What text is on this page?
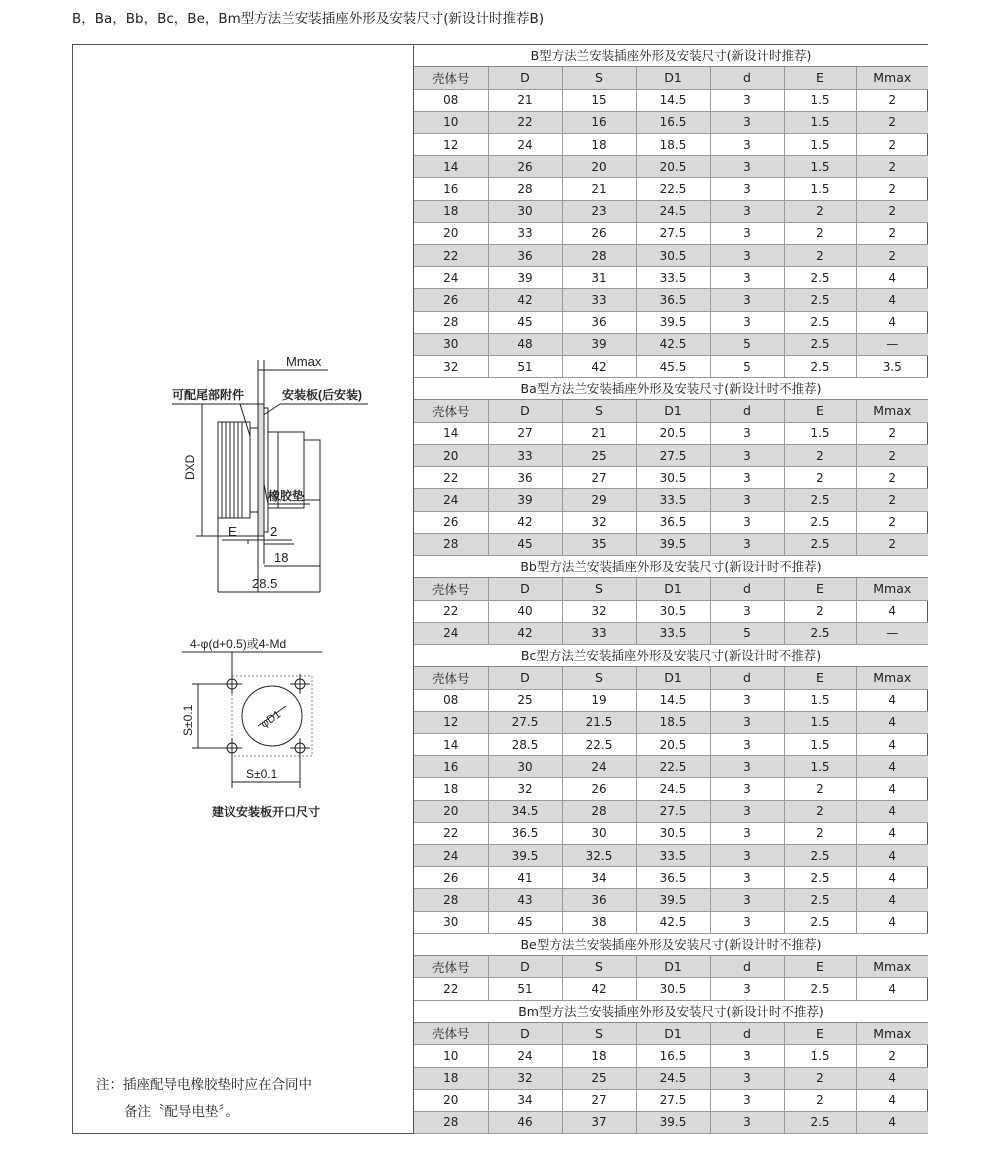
B，Ba，Bb，Bc，Be，Bm型方法兰安装插座外形及安装尺寸(新设计时推荐B)
Mmax
可配尾部附件	安装板(后安装)
DXD
橡胶垫
E	2
18
28.5
4-φ(d+0.5)或4-Md
S±0.1	φD1
S±0.1
建议安装板开口尺寸
注：插座配导电橡胶垫时应在合同中
备注〝配导电垫〞。
B型方法兰安装插座外形及安装尺寸(新设计时推荐)
壳体号	D	S	D1	d	E	Mmax
08	21	15	14.5	3	1.5	2
10	22	16	16.5	3	1.5	2
12	24	18	18.5	3	1.5	2
14	26	20	20.5	3	1.5	2
16	28	21	22.5	3	1.5	2
18	30	23	24.5	3	2	2
20	33	26	27.5	3	2	2
22	36	28	30.5	3	2	2
24	39	31	33.5	3	2.5	4
26	42	33	36.5	3	2.5	4
28	45	36	39.5	3	2.5	4
30	48	39	42.5	5	2.5	—
32	51	42	45.5	5	2.5	3.5
Ba型方法兰安装插座外形及安装尺寸(新设计时不推荐)
壳体号	D	S	D1	d	E	Mmax
14	27	21	20.5	3	1.5	2
20	33	25	27.5	3	2	2
22	36	27	30.5	3	2	2
24	39	29	33.5	3	2.5	2
26	42	32	36.5	3	2.5	2
28	45	35	39.5	3	2.5	2
Bb型方法兰安装插座外形及安装尺寸(新设计时不推荐)
壳体号	D	S	D1	d	E	Mmax
22	40	32	30.5	3	2	4
24	42	33	33.5	5	2.5	—
Bc型方法兰安装插座外形及安装尺寸(新设计时不推荐)
壳体号	D	S	D1	d	E	Mmax
08	25	19	14.5	3	1.5	4
12	27.5	21.5	18.5	3	1.5	4
14	28.5	22.5	20.5	3	1.5	4
16	30	24	22.5	3	1.5	4
18	32	26	24.5	3	2	4
20	34.5	28	27.5	3	2	4
22	36.5	30	30.5	3	2	4
24	39.5	32.5	33.5	3	2.5	4
26	41	34	36.5	3	2.5	4
28	43	36	39.5	3	2.5	4
30	45	38	42.5	3	2.5	4
Be型方法兰安装插座外形及安装尺寸(新设计时不推荐)
壳体号	D	S	D1	d	E	Mmax
22	51	42	30.5	3	2.5	4
Bm型方法兰安装插座外形及安装尺寸(新设计时不推荐)
壳体号	D	S	D1	d	E	Mmax
10	24	18	16.5	3	1.5	2
18	32	25	24.5	3	2	4
20	34	27	27.5	3	2	4
28	46	37	39.5	3	2.5	4
